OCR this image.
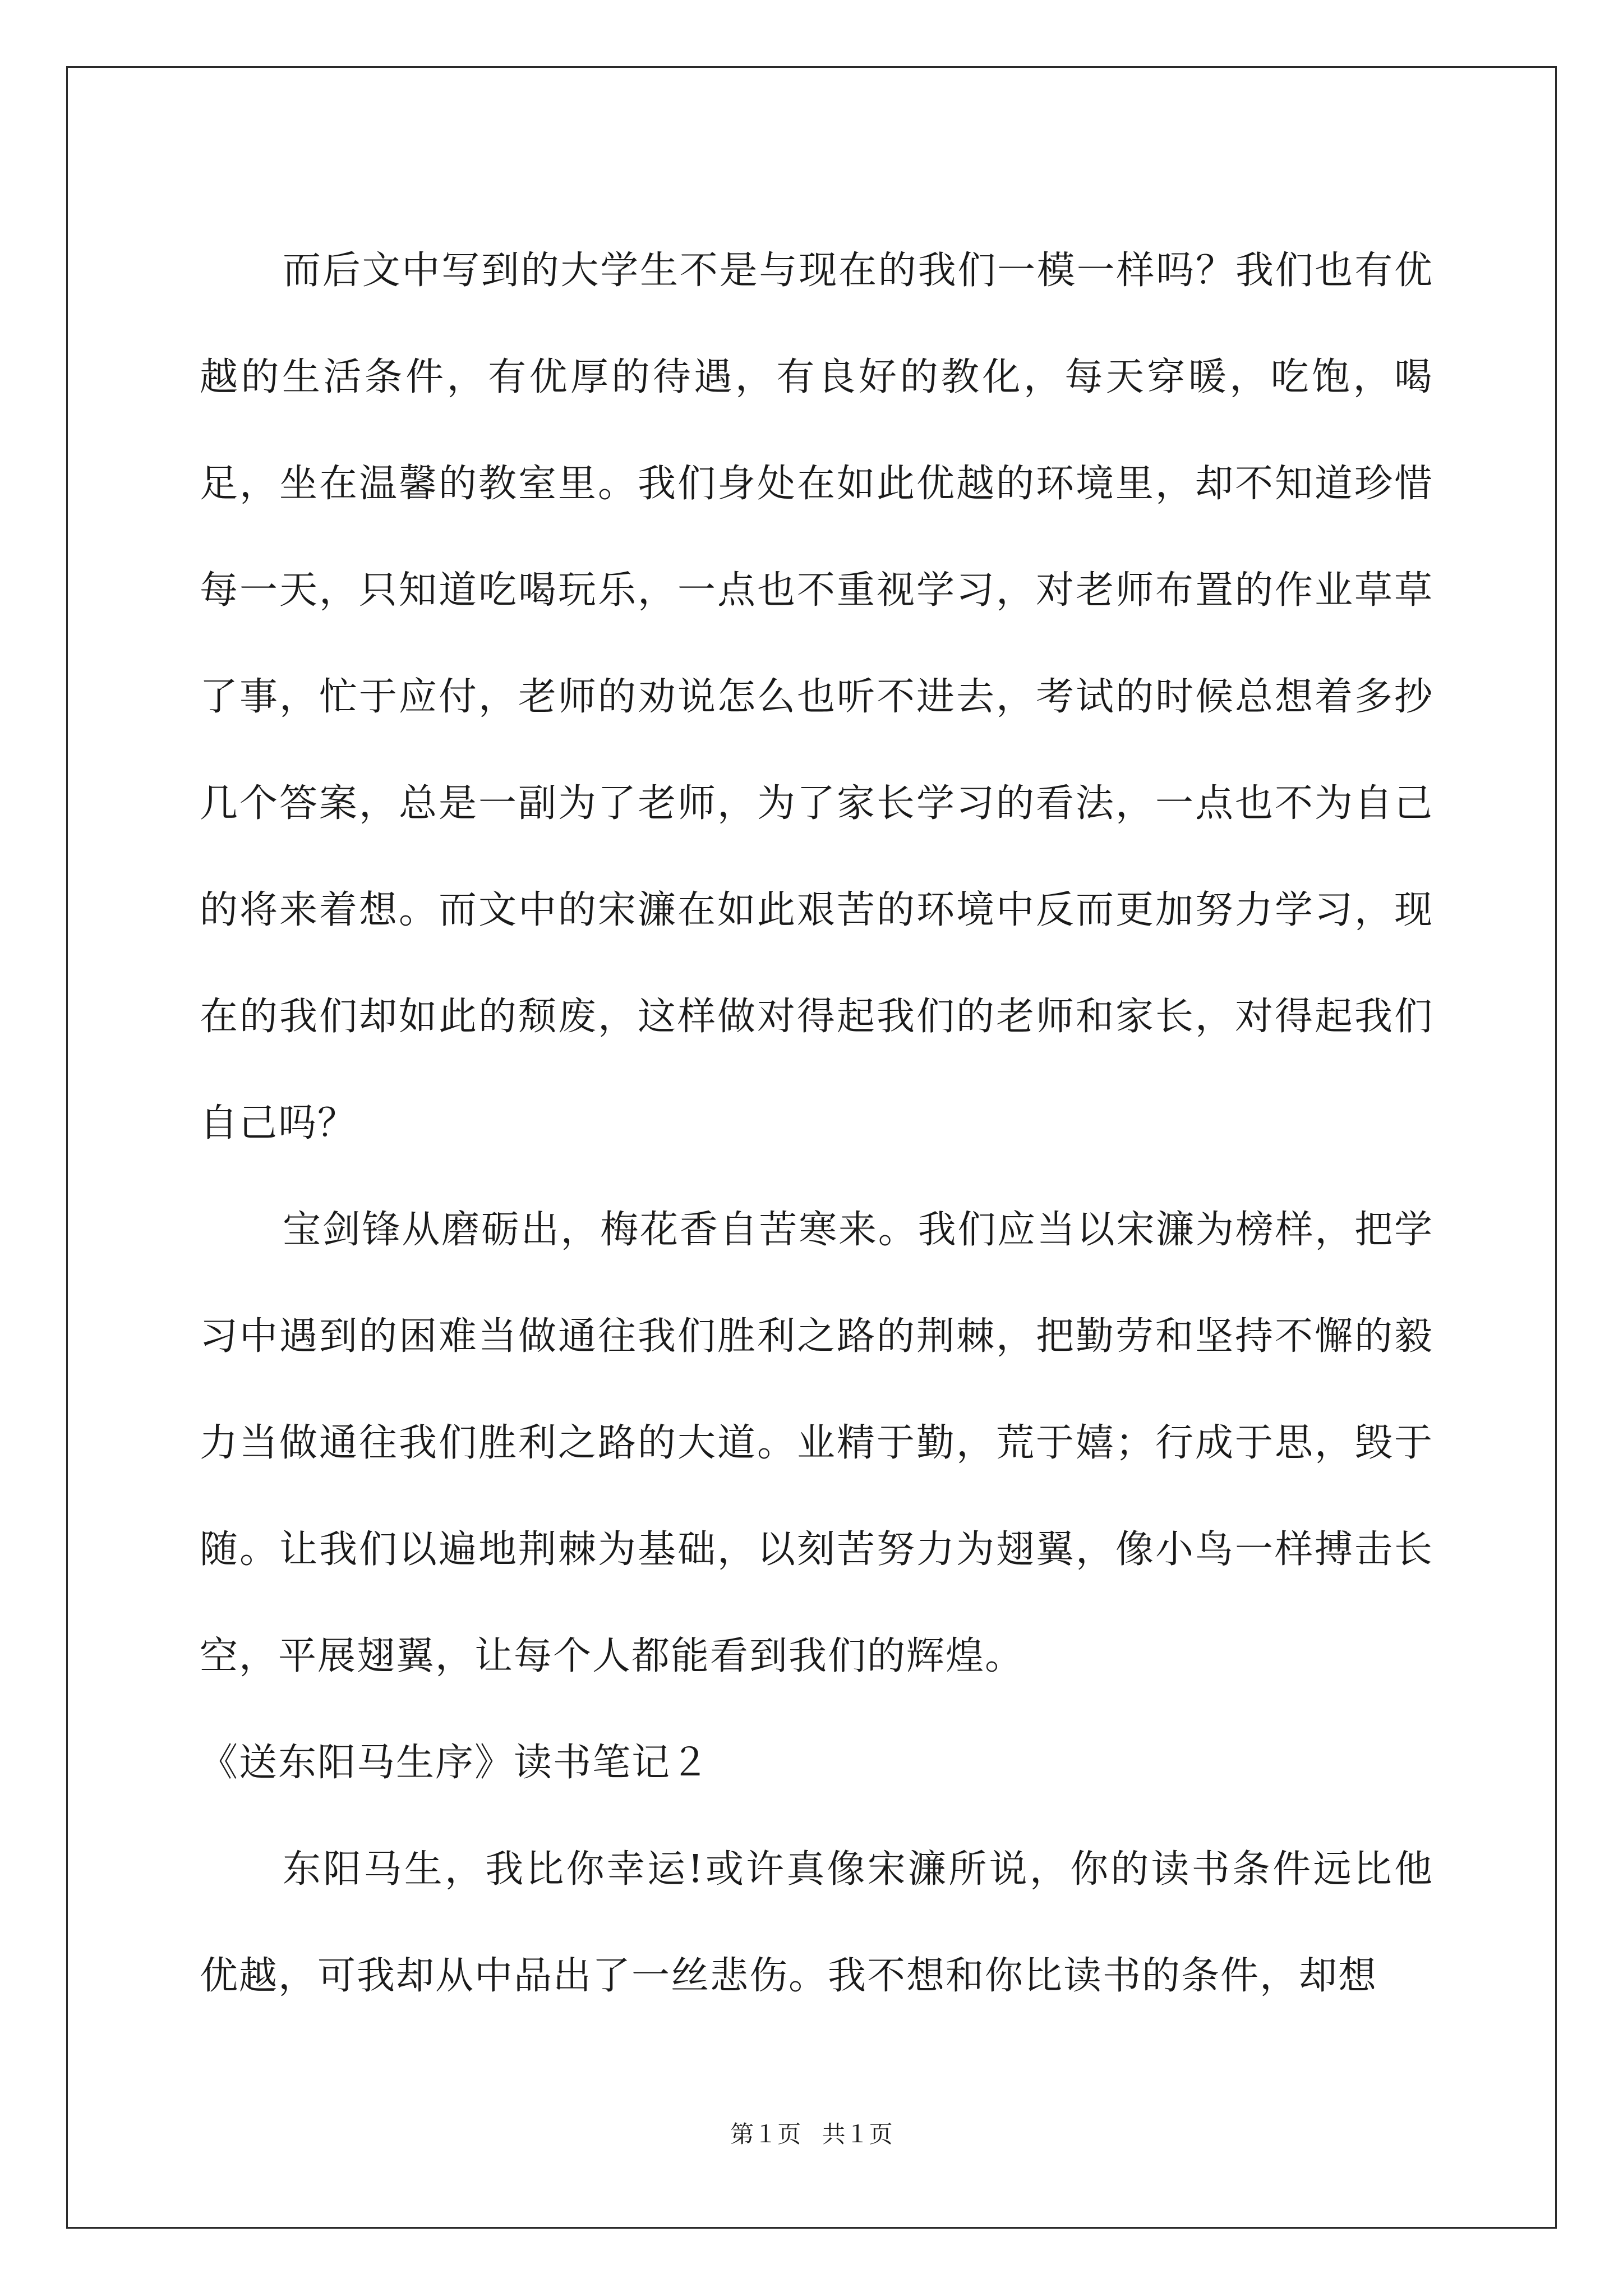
而后文中写到的大学生不是与现在的我们一模一样吗？我们也有优越的生活条件，有优厚的待遇，有良好的教化，每天穿暖，吃饱，喝足，坐在温馨的教室里。我们身处在如此优越的环境里，却不知道珍惜每一天，只知道吃喝玩乐，一点也不重视学习，对老师布置的作业草草了事，忙于应付，老师的劝说怎么也听不进去，考试的时候总想着多抄几个答案，总是一副为了老师，为了家长学习的看法，一点也不为自己的将来着想。而文中的宋濂在如此艰苦的环境中反而更加努力学习，现在的我们却如此的颓废，这样做对得起我们的老师和家长，对得起我们自己吗？

宝剑锋从磨砺出，梅花香自苦寒来。我们应当以宋濂为榜样，把学习中遇到的困难当做通往我们胜利之路的荆棘，把勤劳和坚持不懈的毅力当做通往我们胜利之路的大道。业精于勤，荒于嬉；行成于思，毁于随。让我们以遍地荆棘为基础，以刻苦努力为翅翼，像小鸟一样搏击长空，平展翅翼，让每个人都能看到我们的辉煌。

《送东阳马生序》读书笔记２

东阳马生，我比你幸运!或许真像宋濂所说，你的读书条件远比他优越，可我却从中品出了一丝悲伤。我不想和你比读书的条件，却想

第１页 共１页
